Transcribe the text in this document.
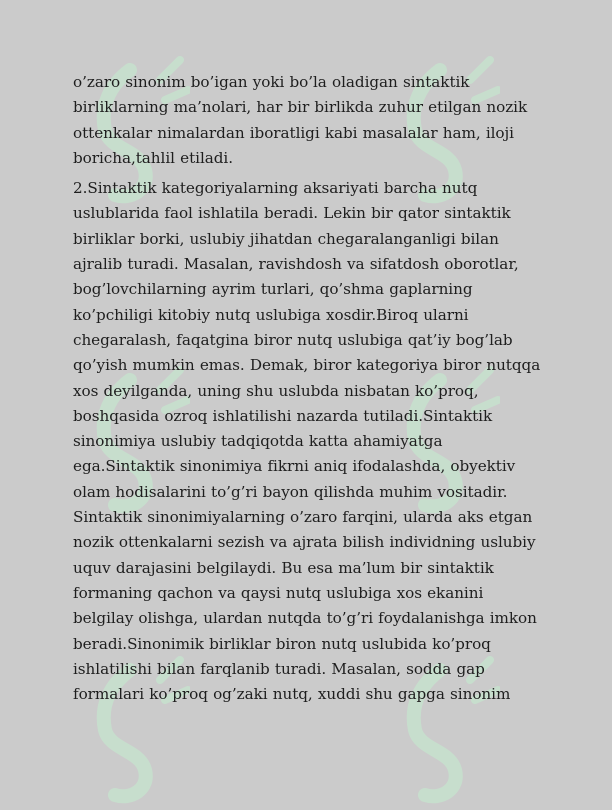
o’zaro sinonim bo’igan yoki bo’la oladigan sintaktik
birliklarning ma’nolari, har bir birlikda zuhur etilgan nozik
ottenkalar nimalardan iboratligi kabi masalalar ham, iloji
boricha,tahlil etiladi.

2.Sintaktik kategoriyalarning aksariyati barcha nutq
uslublarida faol ishlatila beradi. Lekin bir qator sintaktik
birliklar borki, uslubiy jihatdan chegaralanganligi bilan
ajralib turadi. Masalan, ravishdosh va sifatdosh oborotlar,
bog’lovchilarning ayrim turlari, qo’shma gaplarning
ko’pchiligi kitobiy nutq uslubiga xosdir.Biroq ularni
chegaralash, faqatgina biror nutq uslubiga qat’iy bog’lab
qo’yish mumkin emas. Demak, biror kategoriya biror nutqqa
xos deyilganda, uning shu uslubda nisbatan ko’proq,
boshqasida ozroq ishlatilishi nazarda tutiladi.Sintaktik
sinonimiya uslubiy tadqiqotda katta ahamiyatga
ega.Sintaktik sinonimiya fikrni aniq ifodalashda, obyektiv
olam hodisalarini to’g’ri bayon qilishda muhim vositadir.
Sintaktik sinonimiyalarning o’zaro farqini, ularda aks etgan
nozik ottenkalarni sezish va ajrata bilish individning uslubiy
uquv darajasini belgilaydi. Bu esa ma’lum bir sintaktik
formaning qachon va qaysi nutq uslubiga xos ekanini
belgilay olishga, ulardan nutqda to’g’ri foydalanishga imkon
beradi.Sinonimik birliklar biron nutq uslubida ko’proq
ishlatilishi bilan farqlanib turadi. Masalan, sodda gap
formalari ko’proq og’zaki nutq, xuddi shu gapga sinonim
